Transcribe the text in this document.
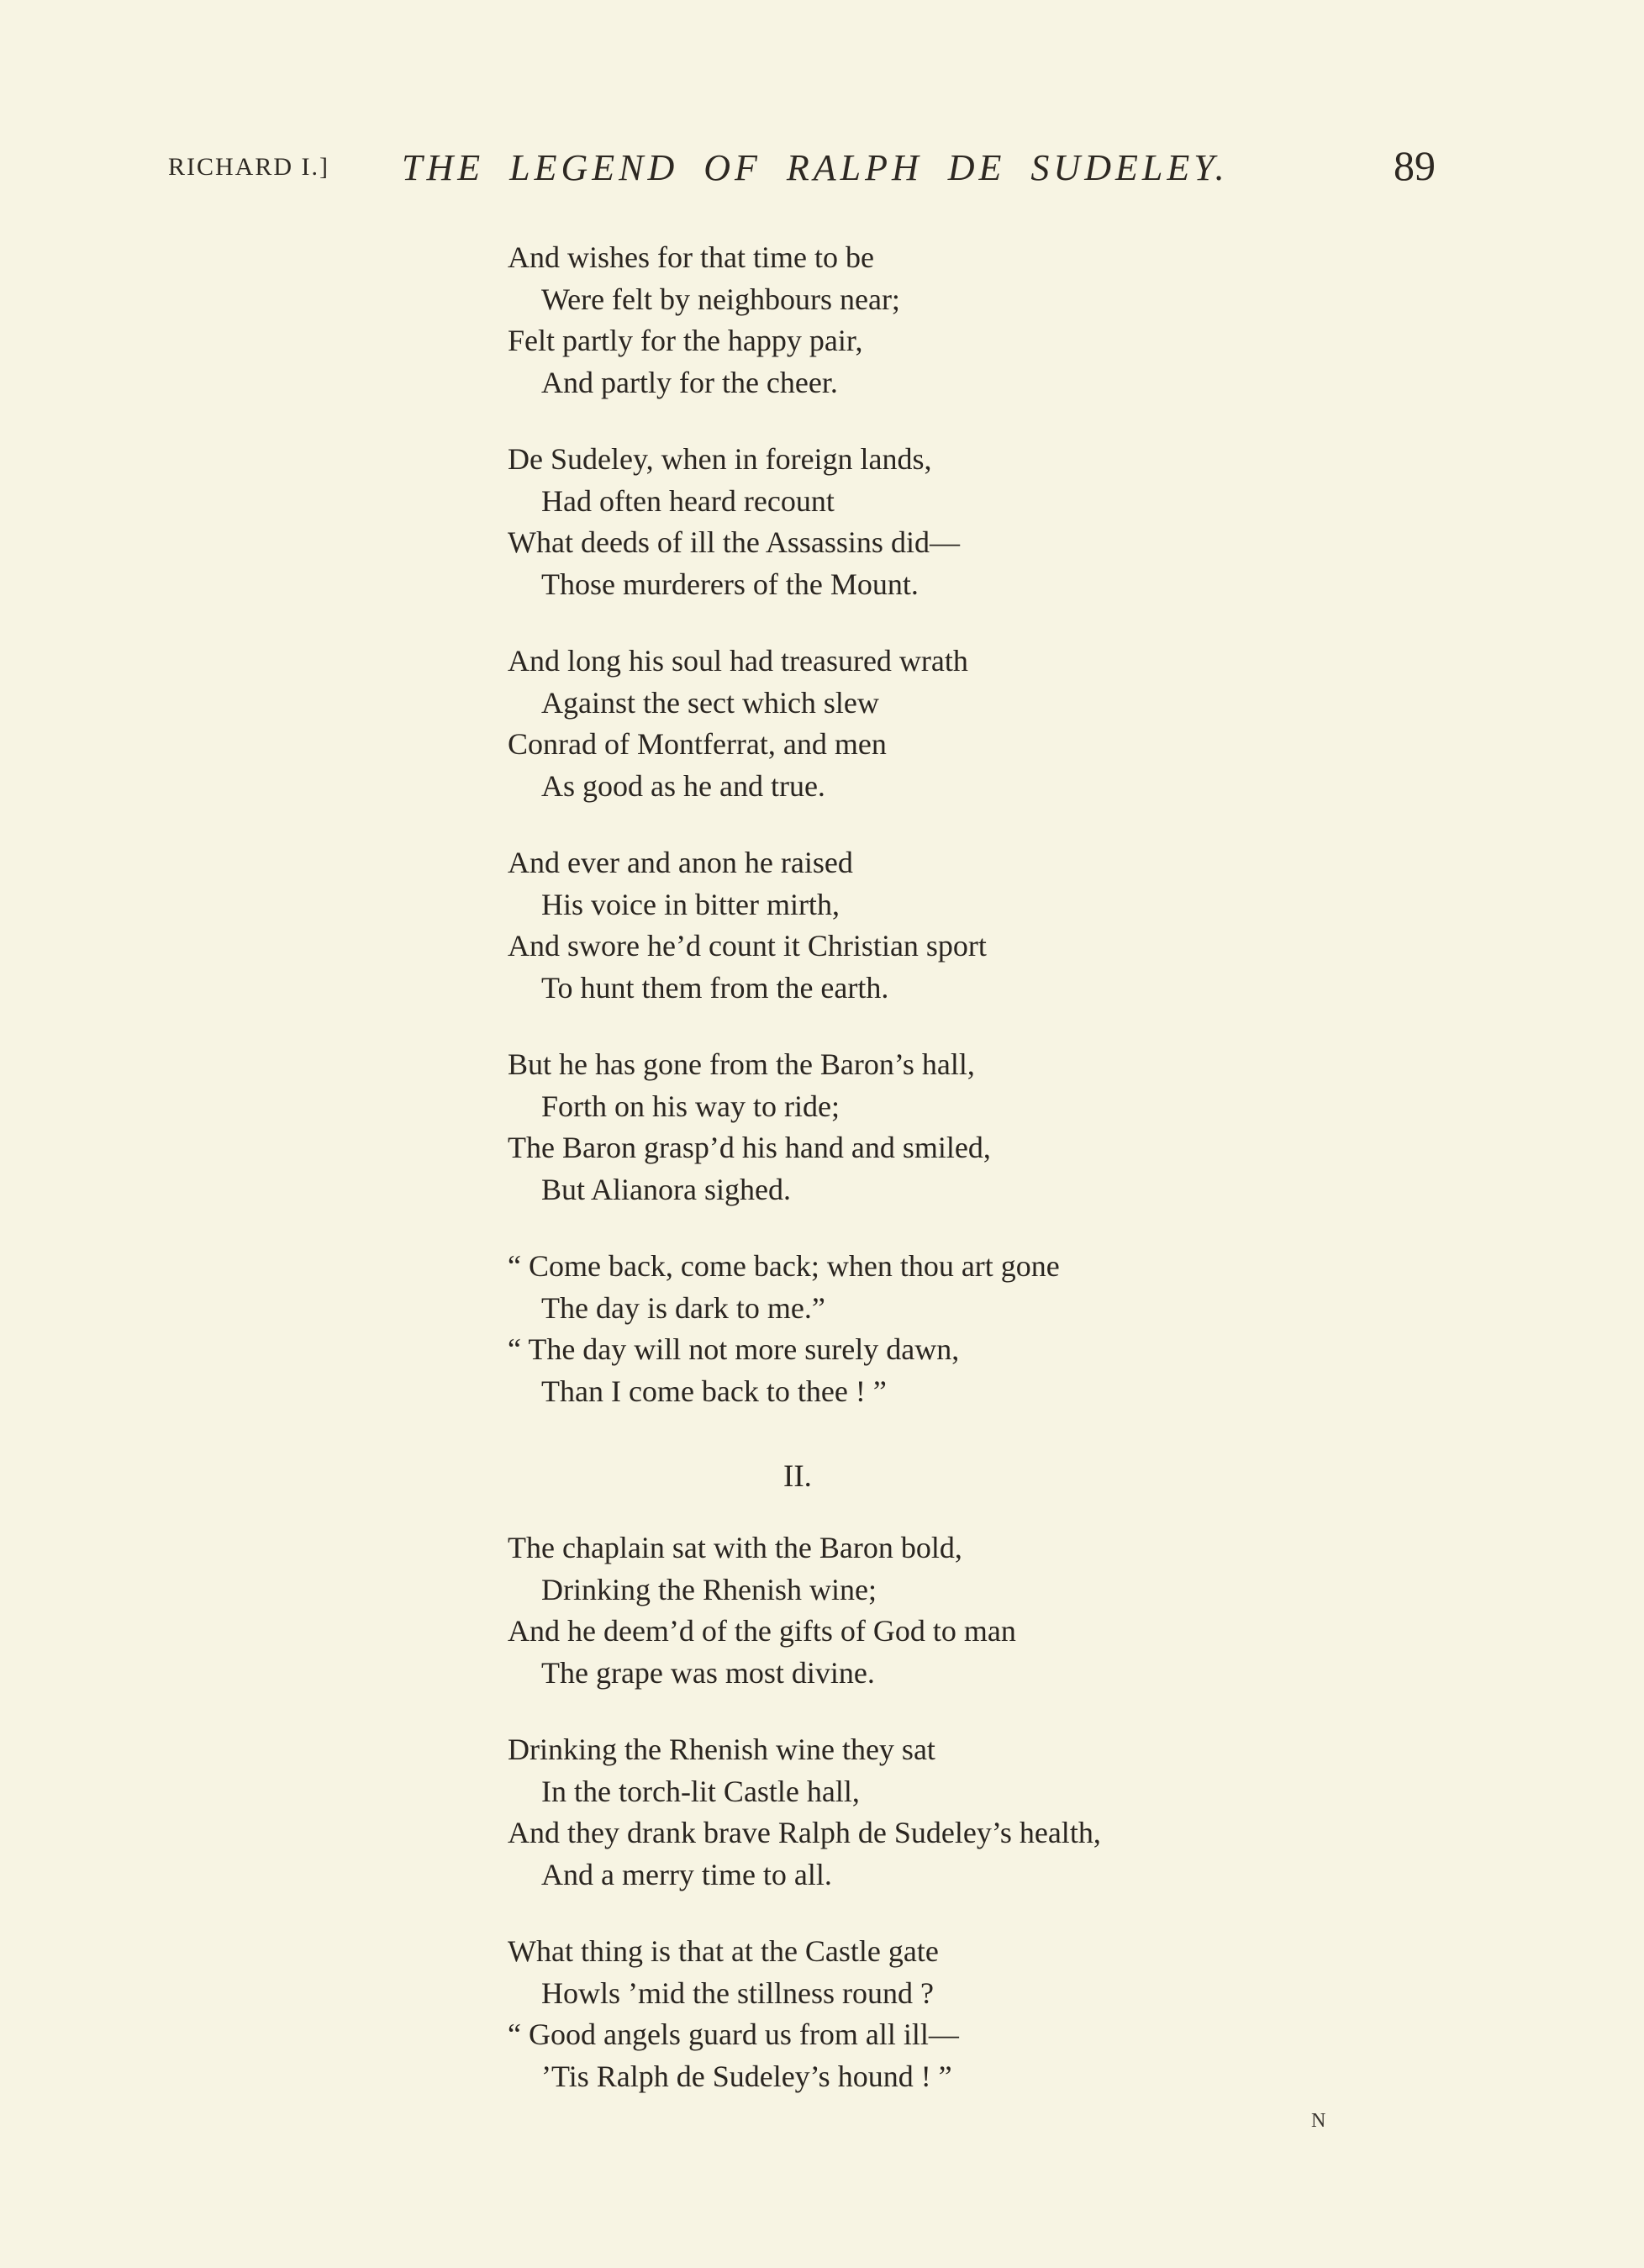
RICHARD I.] THE LEGEND OF RALPH DE SUDELEY.	89
And wishes for that time to be
Were felt by neighbours near;
Felt partly for the happy pair,
And partly for the cheer.
De Sudeley, when in foreign lands,
Had often heard recount
What deeds of ill the Assassins did—
Those murderers of the Mount.
And long his soul had treasured wrath
Against the sect which slew
Conrad of Montferrat, and men
As good as he and true.
And ever and anon he raised
His voice in bitter mirth,
And swore he’d count it Christian sport
To hunt them from the earth.
But he has gone from the Baron’s hall,
Forth on his way to ride;
The Baron grasp’d his hand and smiled,
But Alianora sighed.
“ Come back, come back; when thou art gone
The day is dark to me.”
“ The day will not more surely dawn,
Than I come back to thee ! ”
II.
The chaplain sat with the Baron bold,
Drinking the Rhenish wine;
And he deem’d of the gifts of God to man
The grape was most divine.
Drinking the Rhenish wine they sat
In the torch-lit Castle hall,
And they drank brave Ralph de Sudeley’s health,
And a merry time to all.
What thing is that at the Castle gate
Howls ’mid the stillness round ?
“ Good angels guard us from all ill—
’Tis Ralph de Sudeley’s hound ! ”
N
